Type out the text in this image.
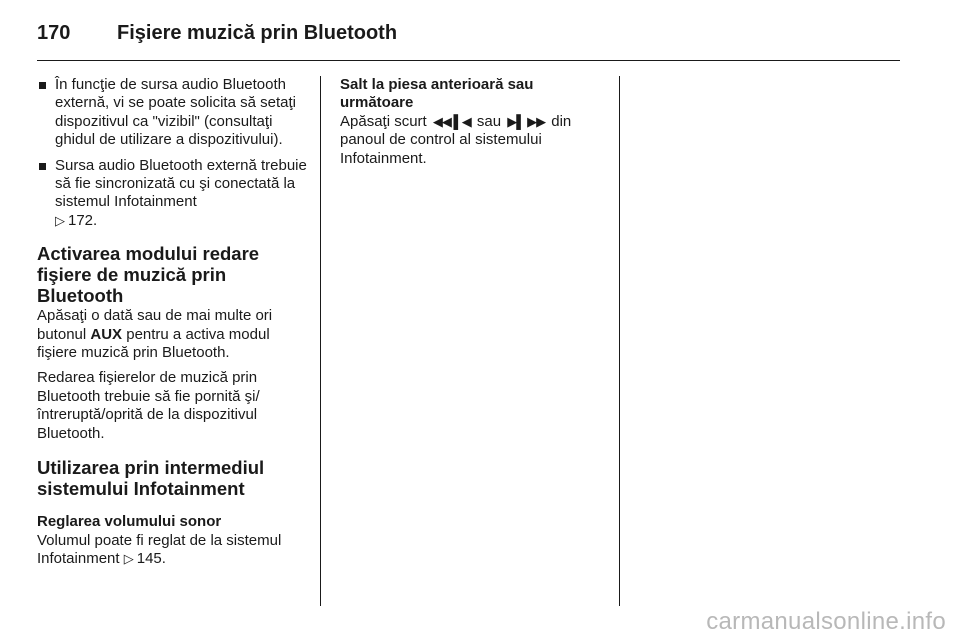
170	Fişiere muzică prin Bluetooth
În funcţie de sursa audio Bluetooth externă, vi se poate solicita să setaţi dispozitivul ca "vizibil" (consultaţi ghidul de utilizare a dispozitivului).
Sursa audio Bluetooth externă trebuie să fie sincronizată cu şi conectată la sistemul Infotainment
▷ 172.
Activarea modului redare fişiere de muzică prin Bluetooth

Apăsaţi o dată sau de mai multe ori butonul AUX pentru a activa modul fişiere muzică prin Bluetooth.

Redarea fişierelor de muzică prin Bluetooth trebuie să fie pornită şi/ întreruptă/oprită de la dispozitivul Bluetooth.

Utilizarea prin intermediul sistemului Infotainment
Reglarea volumului sonor

Volumul poate fi reglat de la sistemul Infotainment ▷ 145.

Salt la piesa anterioară sau următoare

Apăsaţi scurt ◀◀ ▌◀ sau ▶▌ ▶▶ din panoul de control al sistemului Infotainment.

carmanualsonline.info
